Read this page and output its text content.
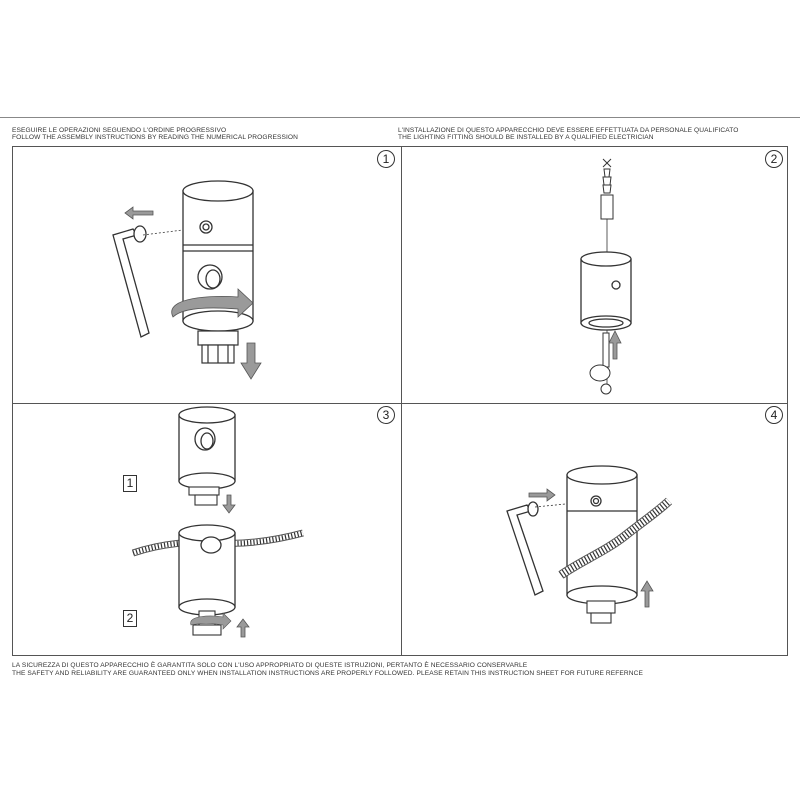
ESEGUIRE LE OPERAZIONI SEGUENDO L'ORDINE PROGRESSIVO
FOLLOW THE ASSEMBLY INSTRUCTIONS BY READING THE NUMERICAL PROGRESSION
L'INSTALLAZIONE DI QUESTO APPARECCHIO DEVE ESSERE EFFETTUATA DA PERSONALE QUALIFICATO
THE LIGHTING FITTING SHOULD BE INSTALLED BY A QUALIFIED ELECTRICIAN
1	2
3
1
2
4
LA SICUREZZA DI QUESTO APPARECCHIO È GARANTITA SOLO CON L'USO APPROPRIATO DI QUESTE ISTRUZIONI, PERTANTO È NECESSARIO CONSERVARLE
THE SAFETY AND RELIABILITY ARE GUARANTEED ONLY WHEN INSTALLATION INSTRUCTIONS ARE PROPERLY FOLLOWED. PLEASE RETAIN THIS INSTRUCTION SHEET FOR FUTURE REFERNCE
